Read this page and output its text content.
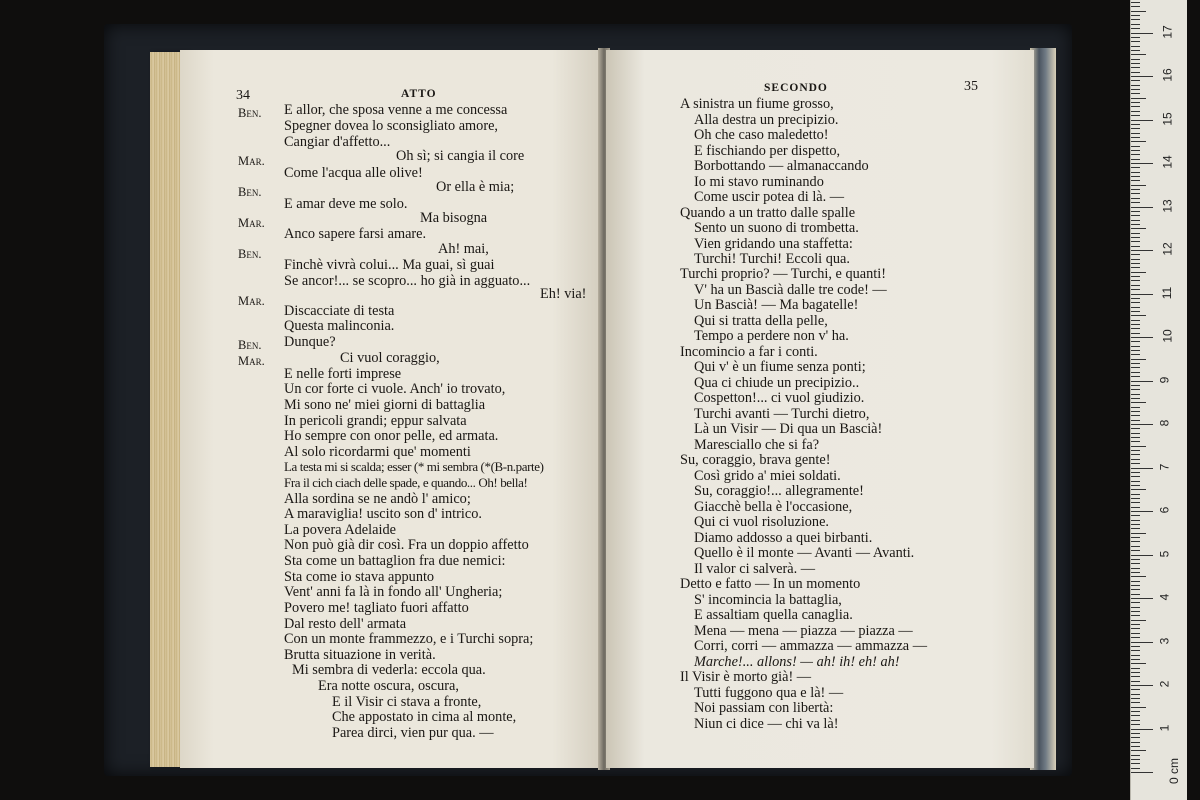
34	ATTO
Ben. E allor, che sposa venne a me concessa
Spegner dovea lo sconsigliato amore,
Cangiar d'affetto...
Mar.	Oh sì; si cangia il core
Come l'acqua alle olive!
Ben.	Or ella è mia;
E amar deve me solo.
Mar.	Ma bisogna
Anco sapere farsi amare.
Ben.	Ah! mai,
Finchè vivrà colui... Ma guai, sì guai
Se ancor!... se scopro... ho già in agguato...
Eh! via!
Mar.
Discacciate di testa
Questa malinconia.
Ben. Dunque?
Mar.	Ci vuol coraggio,
E nelle forti imprese
Un cor forte ci vuole. Anch' io trovato,
Mi sono ne' miei giorni di battaglia
In pericoli grandi; eppur salvata
Ho sempre con onor pelle, ed armata.
Al solo ricordarmi que' momenti
La testa mi si scalda; esser (* mi sembra (*(B-n.parte)
Fra il cich ciach delle spade, e quando... Oh! bella!
Alla sordina se ne andò l' amico;
A maraviglia! uscito son d' intrico.
La povera Adelaide
Non può già dir così. Fra un doppio affetto
Sta come un battaglion fra due nemici:
Sta come io stava appunto
Vent' anni fa là in fondo all' Ungheria;
Povero me! tagliato fuori affatto
Dal resto dell' armata
Con un monte frammezzo, e i Turchi sopra;
Brutta situazione in verità.
Mi sembra di vederla: eccola qua.
Era notte oscura, oscura,
E il Visir ci stava a fronte,
Che appostato in cima al monte,
Parea dirci, vien pur qua. —
SECONDO	35
A sinistra un fiume grosso,
Alla destra un precipizio.
Oh che caso maledetto!
E fischiando per dispetto,
Borbottando — almanaccando
Io mi stavo ruminando
Come uscir potea di là. —
Quando a un tratto dalle spalle
Sento un suono di trombetta.
Vien gridando una staffetta:
Turchi! Turchi! Eccoli qua.
Turchi proprio? — Turchi, e quanti!
V' ha un Bascià dalle tre code! —
Un Bascià! — Ma bagatelle!
Qui si tratta della pelle,
Tempo a perdere non v' ha.
Incomincio a far i conti.
Qui v' è un fiume senza ponti;
Qua ci chiude un precipizio..
Cospetton!... ci vuol giudizio.
Turchi avanti — Turchi dietro,
Là un Visir — Di qua un Bascià!
Maresciallo che si fa?
Su, coraggio, brava gente!
Così grido a' miei soldati.
Su, coraggio!... allegramente!
Giacchè bella è l'occasione,
Qui ci vuol risoluzione.
Diamo addosso a quei birbanti.
Quello è il monte — Avanti — Avanti.
Il valor ci salverà. —
Detto e fatto — In un momento
S' incomincia la battaglia,
E assaltiam quella canaglia.
Mena — mena — piazza — piazza —
Corri, corri — ammazza — ammazza —
Marche!... allons! — ah! ih! eh! ah!
Il Visir è morto già! —
Tutti fuggono qua e là! —
Noi passiam con libertà:
Niun ci dice — chi va là!
0 cm
1
2
3
4
5
6
7
8
9
10
11
12
13
14
15
16
17
